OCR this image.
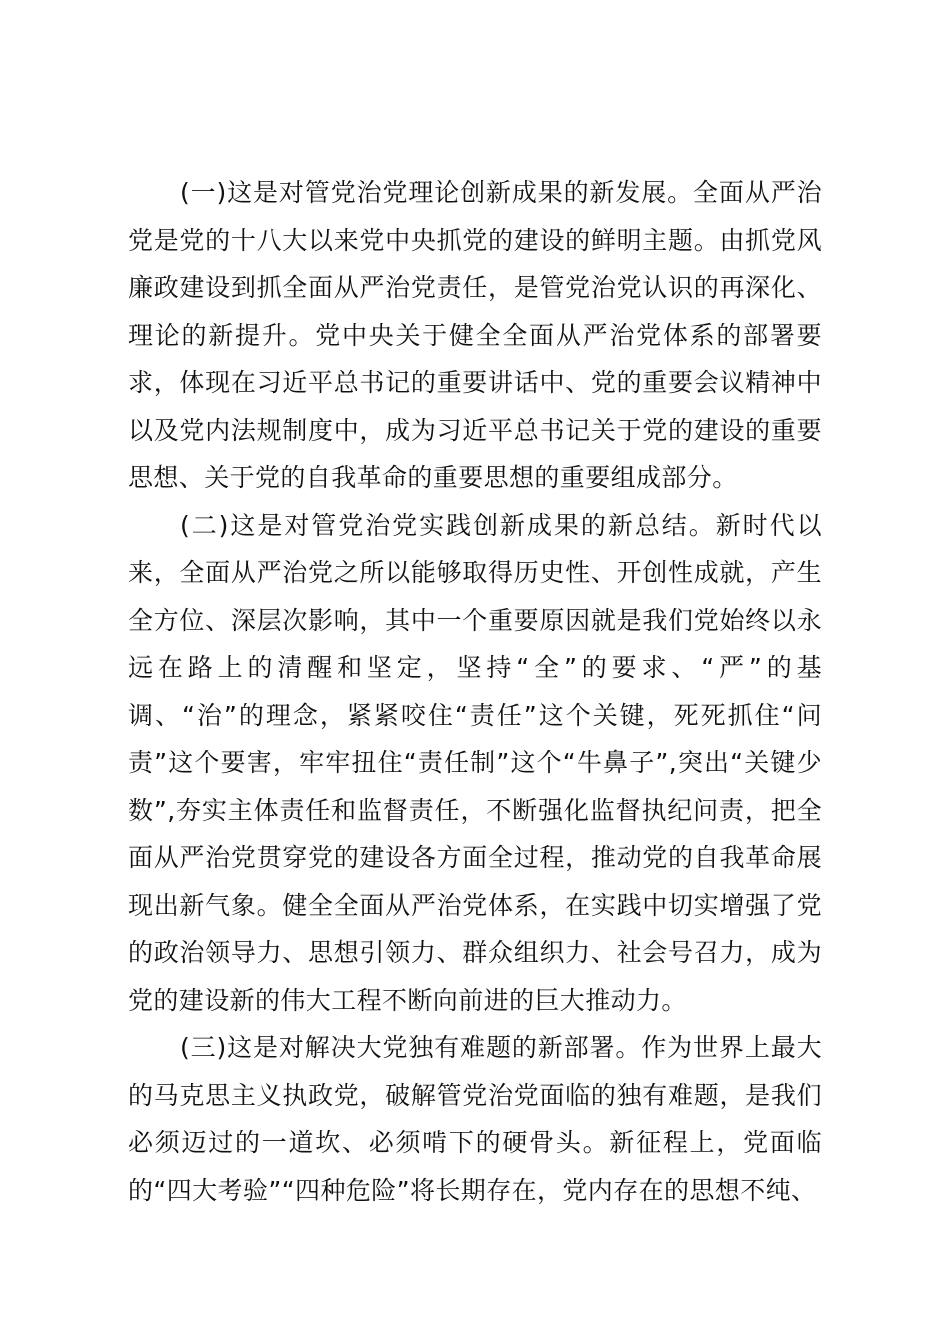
(一)这是对管党治党理论创新成果的新发展。全面从严治党是党的十八大以来党中央抓党的建设的鲜明主题。由抓党风廉政建设到抓全面从严治党责任，是管党治党认识的再深化、理论的新提升。党中央关于健全全面从严治党体系的部署要求，体现在习近平总书记的重要讲话中、党的重要会议精神中以及党内法规制度中，成为习近平总书记关于党的建设的重要思想、关于党的自我革命的重要思想的重要组成部分。

(二)这是对管党治党实践创新成果的新总结。新时代以来，全面从严治党之所以能够取得历史性、开创性成就，产生全方位、深层次影响，其中一个重要原因就是我们党始终以永远在路上的清醒和坚定，坚持“全”的要求、“严”的基调、“治”的理念，紧紧咬住“责任”这个关键，死死抓住“问责”这个要害，牢牢扭住“责任制”这个“牛鼻子”,突出“关键少数”,夯实主体责任和监督责任，不断强化监督执纪问责，把全面从严治党贯穿党的建设各方面全过程，推动党的自我革命展现出新气象。健全全面从严治党体系，在实践中切实增强了党的政治领导力、思想引领力、群众组织力、社会号召力，成为党的建设新的伟大工程不断向前进的巨大推动力。

(三)这是对解决大党独有难题的新部署。作为世界上最大的马克思主义执政党，破解管党治党面临的独有难题，是我们必须迈过的一道坎、必须啃下的硬骨头。新征程上，党面临的“四大考验”“四种危险”将长期存在，党内存在的思想不纯、
